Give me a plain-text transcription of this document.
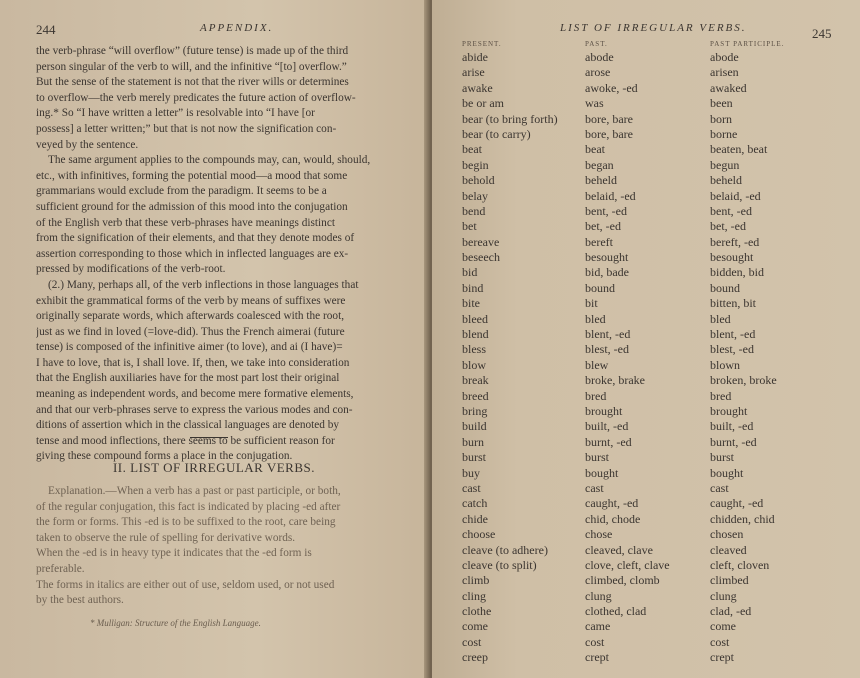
244	APPENDIX.

the verb-phrase “will overflow” (future tense) is made up of the third

person singular of the verb to will, and the infinitive “[to] overflow.”

But the sense of the statement is not that the river wills or determines

to overflow—the verb merely predicates the future action of overflow-

ing.* So “I have written a letter” is resolvable into “I have [or

possess] a letter written;” but that is not now the signification con-

veyed by the sentence.

The same argument applies to the compounds may, can, would, should,

etc., with infinitives, forming the potential mood—a mood that some

grammarians would exclude from the paradigm. It seems to be a

sufficient ground for the admission of this mood into the conjugation

of the English verb that these verb-phrases have meanings distinct

from the signification of their elements, and that they denote modes of

assertion corresponding to those which in inflected languages are ex-

pressed by modifications of the verb-root.

(2.) Many, perhaps all, of the verb inflections in those languages that

exhibit the grammatical forms of the verb by means of suffixes were

originally separate words, which afterwards coalesced with the root,

just as we find in loved (=love-did). Thus the French aimerai (future

tense) is composed of the infinitive aimer (to love), and ai (I have)=

I have to love, that is, I shall love. If, then, we take into consideration

that the English auxiliaries have for the most part lost their original

meaning as independent words, and become mere formative elements,

and that our verb-phrases serve to express the various modes and con-

ditions of assertion which in the classical languages are denoted by

tense and mood inflections, there seems to be sufficient reason for

giving these compound forms a place in the conjugation.

II. LIST OF IRREGULAR VERBS.

Explanation.—When a verb has a past or past participle, or both,

of the regular conjugation, this fact is indicated by placing -ed after

the form or forms. This -ed is to be suffixed to the root, care being

taken to observe the rule of spelling for derivative words.

When the -ed is in heavy type it indicates that the -ed form is

preferable.

The forms in italics are either out of use, seldom used, or not used

by the best authors.

* Mulligan: Structure of the English Language.
LIST OF IRREGULAR VERBS.	245
PRESENT.
abide
arise
awake
be or am
bear (to bring forth)
bear (to carry)
beat
begin
behold
belay
bend
bet
bereave
beseech
bid
bind
bite
bleed
blend
bless
blow
break
breed
bring
build
burn
burst
buy
cast
catch
chide
choose
cleave (to adhere)
cleave (to split)
climb
cling
clothe
come
cost
creep
PAST.
abode
arose
awoke, -ed
was
bore, bare
bore, bare
beat
began
beheld
belaid, -ed
bent, -ed
bet, -ed
bereft
besought
bid, bade
bound
bit
bled
blent, -ed
blest, -ed
blew
broke, brake
bred
brought
built, -ed
burnt, -ed
burst
bought
cast
caught, -ed
chid, chode
chose
cleaved, clave
clove, cleft, clave
climbed, clomb
clung
clothed, clad
came
cost
crept
PAST PARTICIPLE.
abode
arisen
awaked
been
born
borne
beaten, beat
begun
beheld
belaid, -ed
bent, -ed
bet, -ed
bereft, -ed
besought
bidden, bid
bound
bitten, bit
bled
blent, -ed
blest, -ed
blown
broken, broke
bred
brought
built, -ed
burnt, -ed
burst
bought
cast
caught, -ed
chidden, chid
chosen
cleaved
cleft, cloven
climbed
clung
clad, -ed
come
cost
crept
